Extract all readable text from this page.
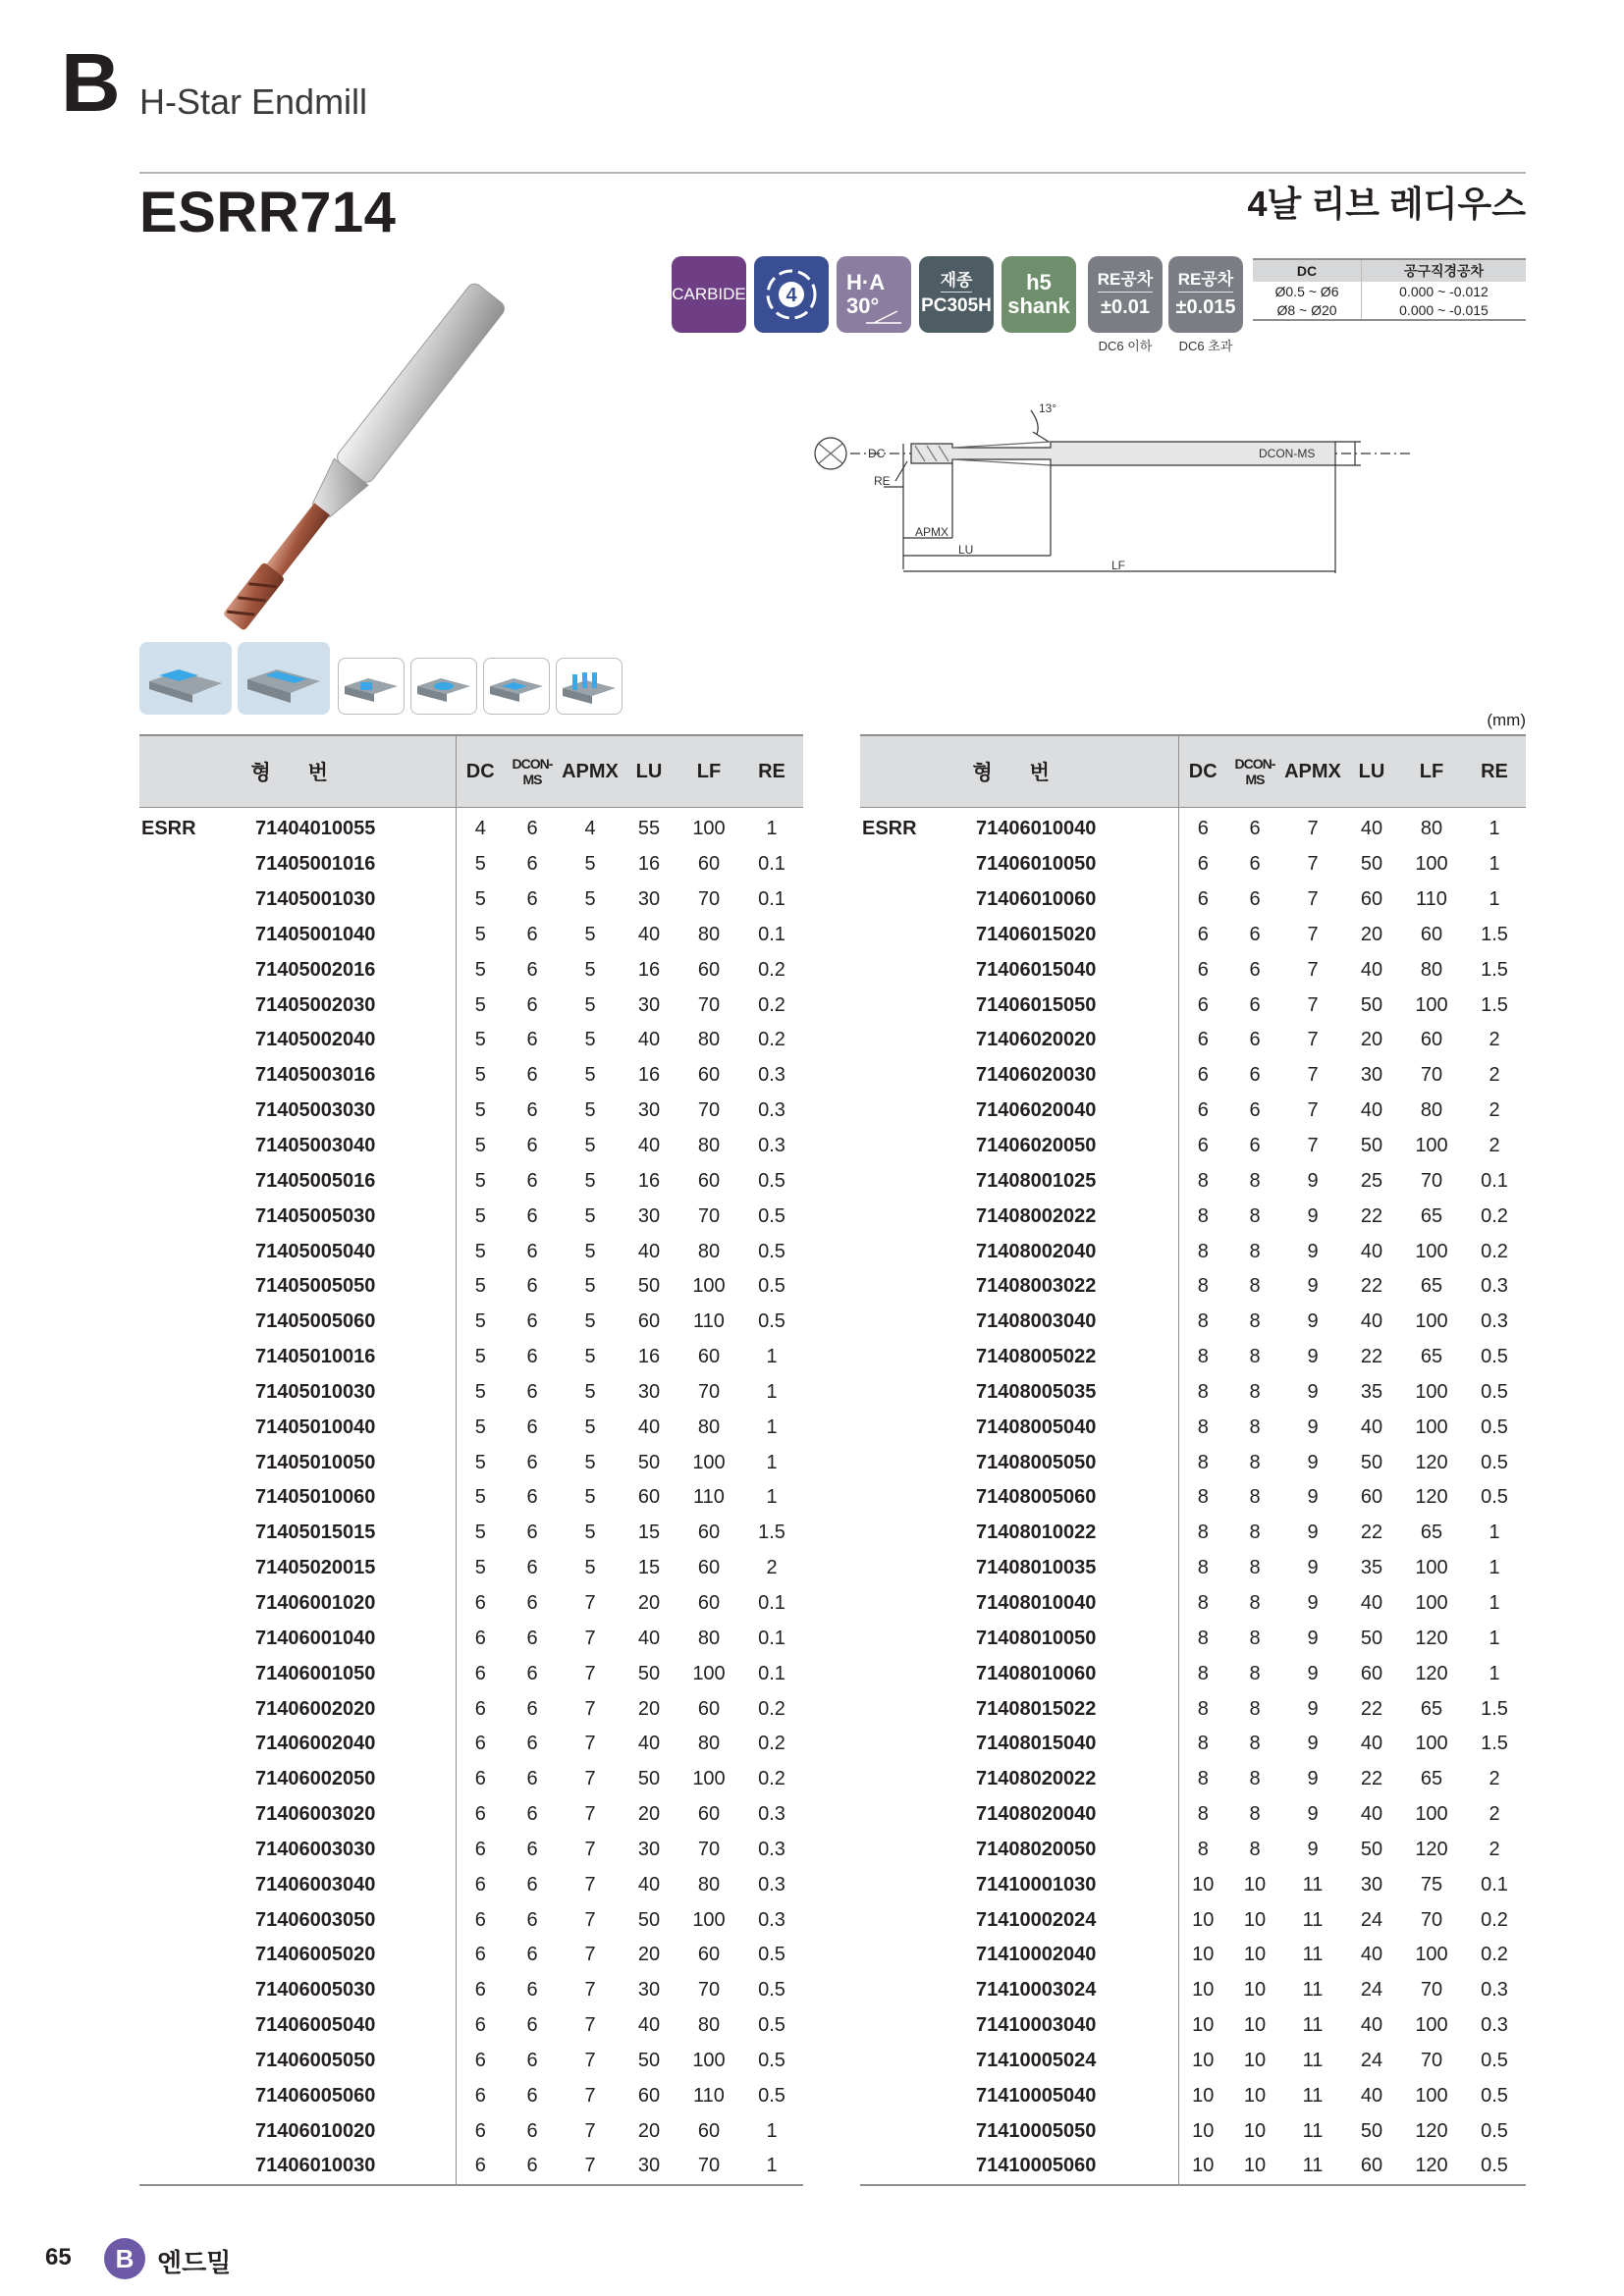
B H-Star Endmill
ESRR714	4날 리브 레디우스
CARBIDE 4
H·A
30°
재종
PC305H
h5
shank
RE공차
±0.01
DC6 이하
RE공차
±0.015
DC6 초과
DC	공구직경공차
Ø0.5 ~ Ø6	0.000 ~ -0.012
Ø8 ~ Ø20	0.000 ~ -0.015
DC
RE
APMX
LU
LF
DCON-MS
13°
(mm)
형 번		DC	DCON-MS	APMX	LU	LF	RE
ESRR	71404010055	4	6	4	55	100	1
	71405001016	5	6	5	16	60	0.1
	71405001030	5	6	5	30	70	0.1
	71405001040	5	6	5	40	80	0.1
	71405002016	5	6	5	16	60	0.2
	71405002030	5	6	5	30	70	0.2
	71405002040	5	6	5	40	80	0.2
	71405003016	5	6	5	16	60	0.3
	71405003030	5	6	5	30	70	0.3
	71405003040	5	6	5	40	80	0.3
	71405005016	5	6	5	16	60	0.5
	71405005030	5	6	5	30	70	0.5
	71405005040	5	6	5	40	80	0.5
	71405005050	5	6	5	50	100	0.5
	71405005060	5	6	5	60	110	0.5
	71405010016	5	6	5	16	60	1
	71405010030	5	6	5	30	70	1
	71405010040	5	6	5	40	80	1
	71405010050	5	6	5	50	100	1
	71405010060	5	6	5	60	110	1
	71405015015	5	6	5	15	60	1.5
	71405020015	5	6	5	15	60	2
	71406001020	6	6	7	20	60	0.1
	71406001040	6	6	7	40	80	0.1
	71406001050	6	6	7	50	100	0.1
	71406002020	6	6	7	20	60	0.2
	71406002040	6	6	7	40	80	0.2
	71406002050	6	6	7	50	100	0.2
	71406003020	6	6	7	20	60	0.3
	71406003030	6	6	7	30	70	0.3
	71406003040	6	6	7	40	80	0.3
	71406003050	6	6	7	50	100	0.3
	71406005020	6	6	7	20	60	0.5
	71406005030	6	6	7	30	70	0.5
	71406005040	6	6	7	40	80	0.5
	71406005050	6	6	7	50	100	0.5
	71406005060	6	6	7	60	110	0.5
	71406010020	6	6	7	20	60	1
	71406010030	6	6	7	30	70	1
형 번		DC	DCON-MS	APMX	LU	LF	RE
ESRR	71406010040	6	6	7	40	80	1
	71406010050	6	6	7	50	100	1
	71406010060	6	6	7	60	110	1
	71406015020	6	6	7	20	60	1.5
	71406015040	6	6	7	40	80	1.5
	71406015050	6	6	7	50	100	1.5
	71406020020	6	6	7	20	60	2
	71406020030	6	6	7	30	70	2
	71406020040	6	6	7	40	80	2
	71406020050	6	6	7	50	100	2
	71408001025	8	8	9	25	70	0.1
	71408002022	8	8	9	22	65	0.2
	71408002040	8	8	9	40	100	0.2
	71408003022	8	8	9	22	65	0.3
	71408003040	8	8	9	40	100	0.3
	71408005022	8	8	9	22	65	0.5
	71408005035	8	8	9	35	100	0.5
	71408005040	8	8	9	40	100	0.5
	71408005050	8	8	9	50	120	0.5
	71408005060	8	8	9	60	120	0.5
	71408010022	8	8	9	22	65	1
	71408010035	8	8	9	35	100	1
	71408010040	8	8	9	40	100	1
	71408010050	8	8	9	50	120	1
	71408010060	8	8	9	60	120	1
	71408015022	8	8	9	22	65	1.5
	71408015040	8	8	9	40	100	1.5
	71408020022	8	8	9	22	65	2
	71408020040	8	8	9	40	100	2
	71408020050	8	8	9	50	120	2
	71410001030	10	10	11	30	75	0.1
	71410002024	10	10	11	24	70	0.2
	71410002040	10	10	11	40	100	0.2
	71410003024	10	10	11	24	70	0.3
	71410003040	10	10	11	40	100	0.3
	71410005024	10	10	11	24	70	0.5
	71410005040	10	10	11	40	100	0.5
	71410005050	10	10	11	50	120	0.5
	71410005060	10	10	11	60	120	0.5
65	B 엔드밀
